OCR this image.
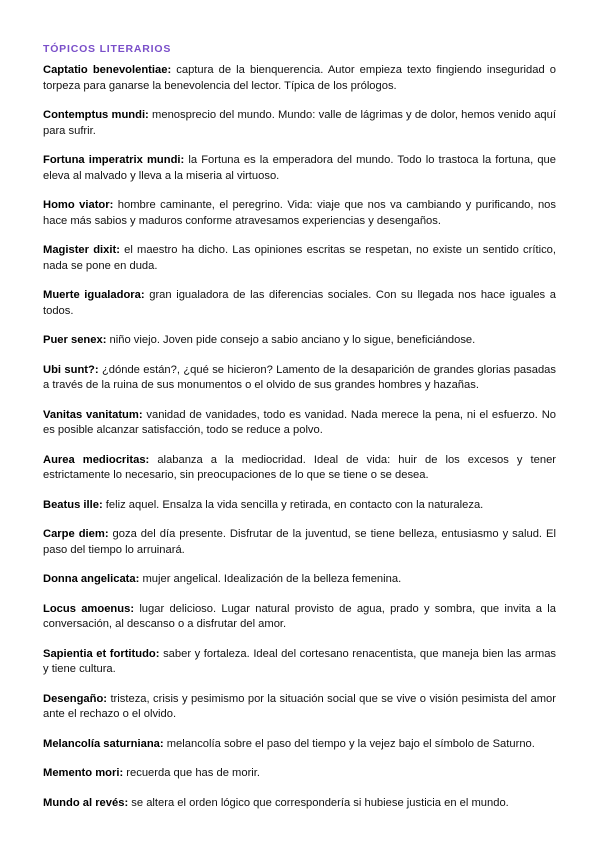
TÓPICOS LITERARIOS

Captatio benevolentiae: captura de la bienquerencia. Autor empieza texto fingiendo inseguridad o torpeza para ganarse la benevolencia del lector. Típica de los prólogos.

Contemptus mundi: menosprecio del mundo. Mundo: valle de lágrimas y de dolor, hemos venido aquí para sufrir.

Fortuna imperatrix mundi: la Fortuna es la emperadora del mundo. Todo lo trastoca la fortuna, que eleva al malvado y lleva a la miseria al virtuoso.

Homo viator: hombre caminante, el peregrino. Vida: viaje que nos va cambiando y purificando, nos hace más sabios y maduros conforme atravesamos experiencias y desengaños.

Magister dixit: el maestro ha dicho. Las opiniones escritas se respetan, no existe un sentido crítico, nada se pone en duda.

Muerte igualadora: gran igualadora de las diferencias sociales. Con su llegada nos hace iguales a todos.

Puer senex: niño viejo. Joven pide consejo a sabio anciano y lo sigue, beneficiándose.

Ubi sunt?: ¿dónde están?, ¿qué se hicieron? Lamento de la desaparición de grandes glorias pasadas a través de la ruina de sus monumentos o el olvido de sus grandes hombres y hazañas.

Vanitas vanitatum: vanidad de vanidades, todo es vanidad. Nada merece la pena, ni el esfuerzo. No es posible alcanzar satisfacción, todo se reduce a polvo.

Aurea mediocritas: alabanza a la mediocridad. Ideal de vida: huir de los excesos y tener estrictamente lo necesario, sin preocupaciones de lo que se tiene o se desea.

Beatus ille: feliz aquel. Ensalza la vida sencilla y retirada, en contacto con la naturaleza.

Carpe diem: goza del día presente. Disfrutar de la juventud, se tiene belleza, entusiasmo y salud. El paso del tiempo lo arruinará.

Donna angelicata: mujer angelical. Idealización de la belleza femenina.

Locus amoenus: lugar delicioso. Lugar natural provisto de agua, prado y sombra, que invita a la conversación, al descanso o a disfrutar del amor.

Sapientia et fortitudo: saber y fortaleza. Ideal del cortesano renacentista, que maneja bien las armas y tiene cultura.

Desengaño: tristeza, crisis y pesimismo por la situación social que se vive o visión pesimista del amor ante el rechazo o el olvido.

Melancolía saturniana: melancolía sobre el paso del tiempo y la vejez bajo el símbolo de Saturno.

Memento mori: recuerda que has de morir.

Mundo al revés: se altera el orden lógico que correspondería si hubiese justicia en el mundo.
